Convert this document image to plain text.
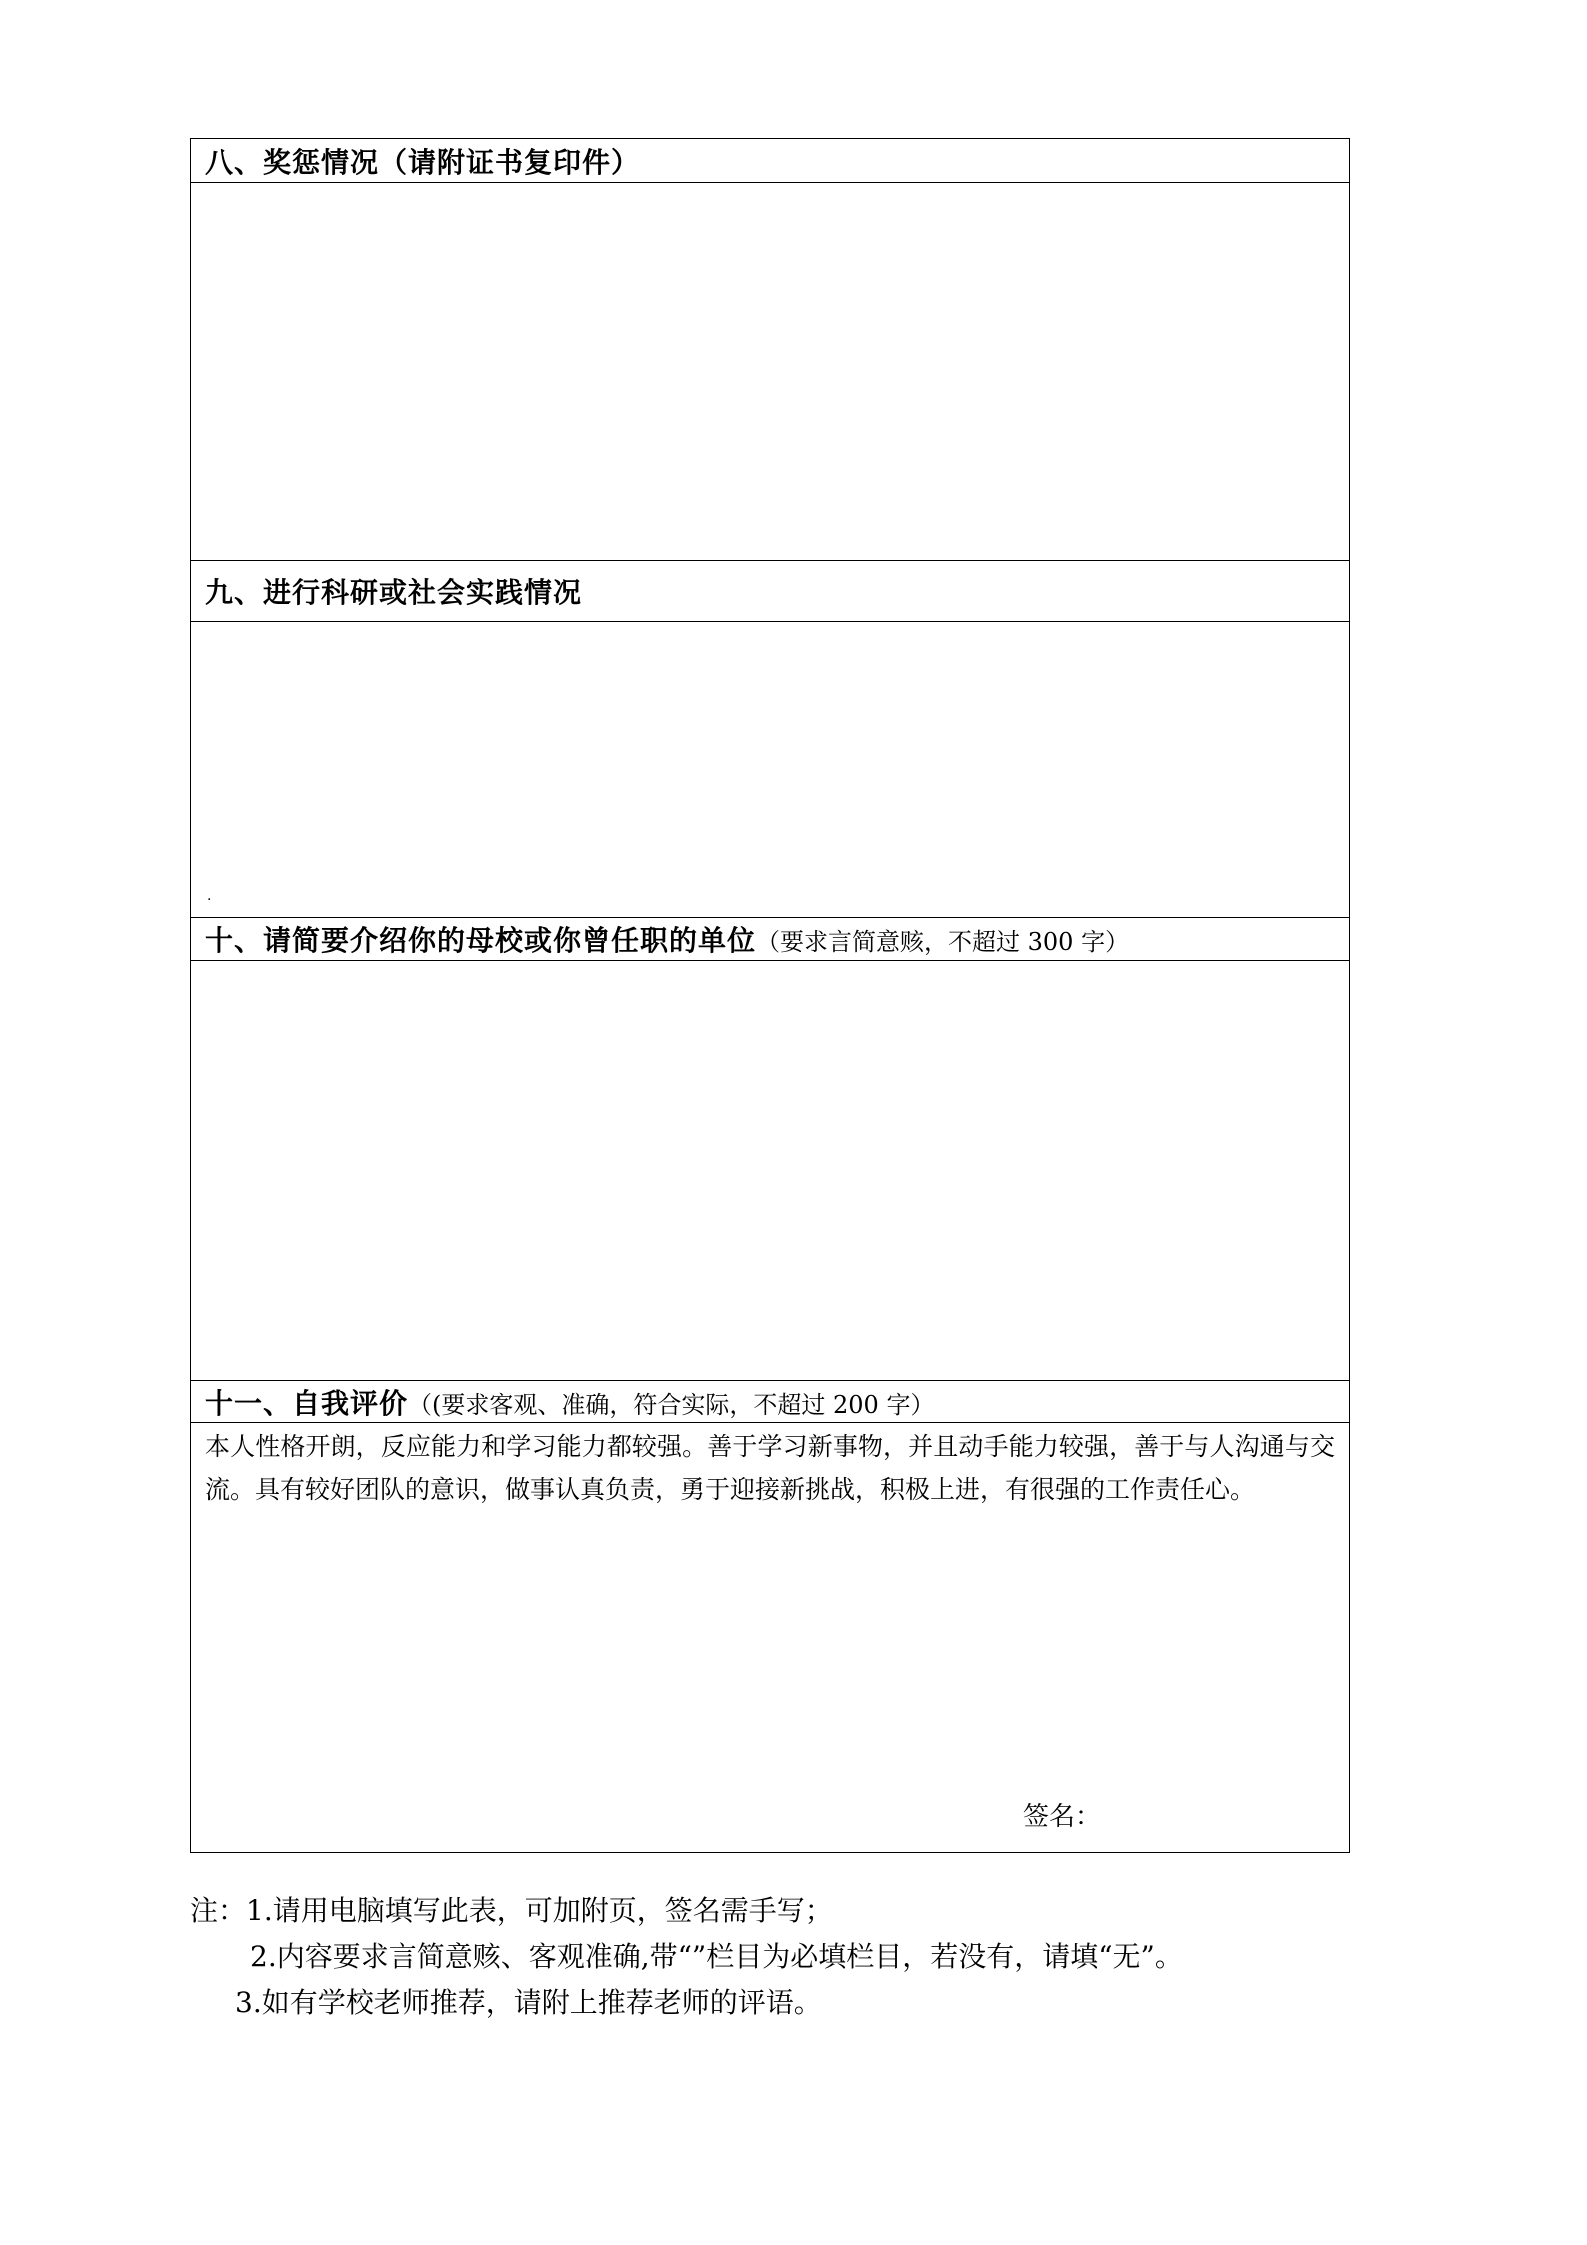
八、奖惩情况（请附证书复印件）

九、进行科研或社会实践情况

.

十、请简要介绍你的母校或你曾任职的单位（要求言简意赅，不超过 300 字）

十一、自我评价（(要求客观、准确，符合实际，不超过 200 字）

本人性格开朗，反应能力和学习能力都较强。善于学习新事物，并且动手能力较强，善于与人沟通与交流。具有较好团队的意识，做事认真负责，勇于迎接新挑战，积极上进，有很强的工作责任心。
签名：
注：1.请用电脑填写此表，可加附页，签名需手写；
2.内容要求言简意赅、客观准确,带“”栏目为必填栏目，若没有，请填“无”。
3.如有学校老师推荐，请附上推荐老师的评语。
